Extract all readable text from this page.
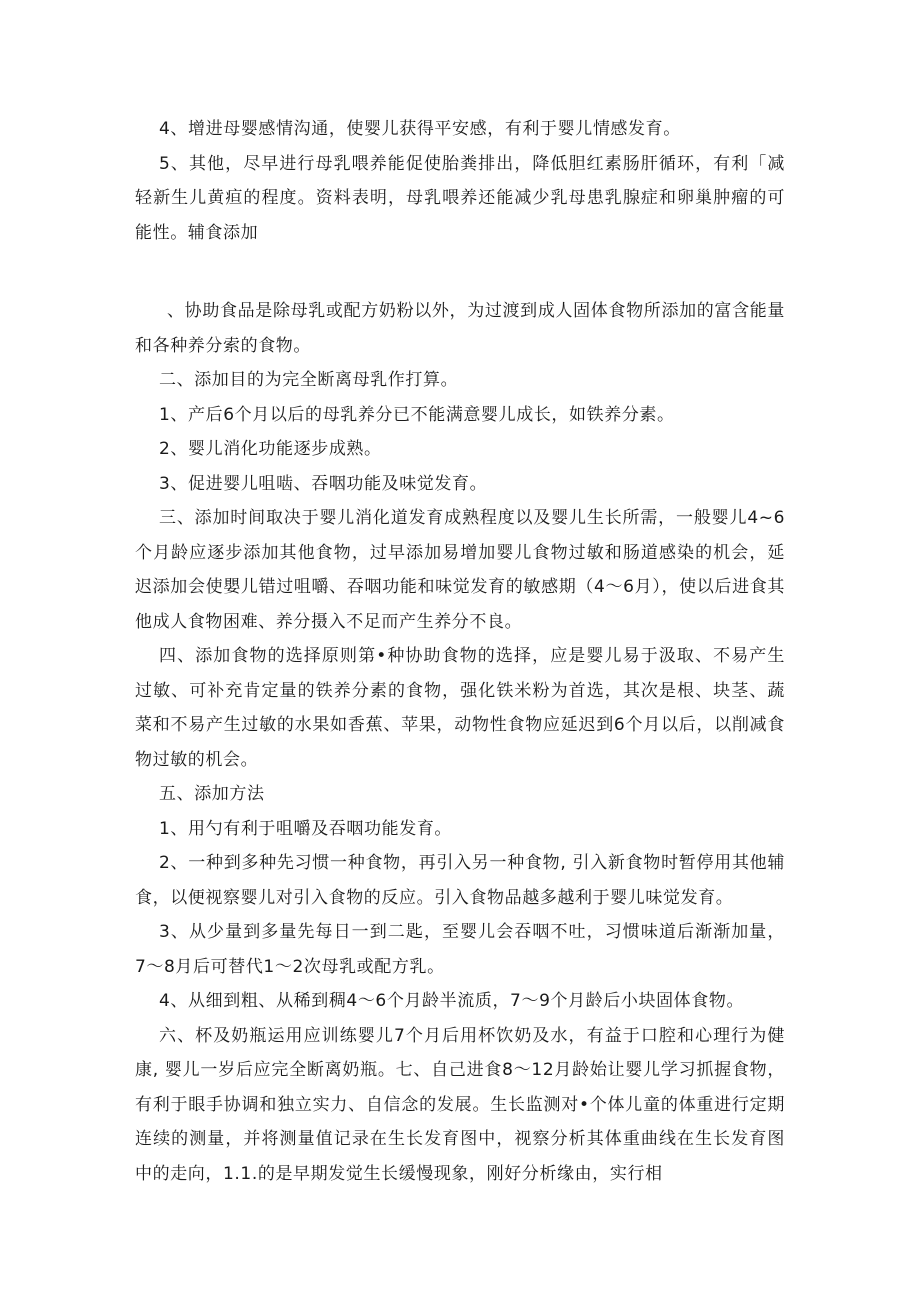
4、增进母婴感情沟通，使婴儿获得平安感，有利于婴儿情感发育。

5、其他，尽早进行母乳喂养能促使胎粪排出，降低胆红素肠肝循环，有利「减轻新生儿黄疸的程度。资料表明，母乳喂养还能减少乳母患乳腺症和卵巢肿瘤的可能性。辅食添加

、协助食品是除母乳或配方奶粉以外，为过渡到成人固体食物所添加的富含能量和各种养分索的食物。

二、添加目的为完全断离母乳作打算。

1、产后6个月以后的母乳养分已不能满意婴儿成长，如铁养分素。

2、婴儿消化功能逐步成熟。

3、促进婴儿咀啮、吞咽功能及味觉发育。

三、添加时间取决于婴儿消化道发育成熟程度以及婴儿生长所需，一般婴儿4~6个月龄应逐步添加其他食物，过早添加易增加婴儿食物过敏和肠道感染的机会，延迟添加会使嬰儿错过咀嚼、吞咽功能和味觉发育的敏感期（4〜6月），使以后进食其他成人食物困难、养分摄入不足而产生养分不良。

四、添加食物的选择原则第•种协助食物的选择，应是婴儿易于汲取、不易产生过敏、可补充肯定量的铁养分素的食物，强化铁米粉为首选，其次是根、块茎、蔬菜和不易产生过敏的水果如香蕉、苹果，动物性食物应延迟到6个月以后，以削减食物过敏的机会。

五、添加方法

1、用勺有利于咀嚼及吞咽功能发育。

2、一种到多种先习惯一种食物，再引入另一种食物, 引入新食物时暂停用其他辅食，以便视察婴儿对引入食物的反应。引入食物品越多越利于婴儿味觉发育。

3、从少量到多量先每日一到二匙，至婴儿会吞咽不吐，习惯味道后渐渐加量，7〜8月后可替代1〜2次母乳或配方乳。

4、从细到粗、从稀到稠4〜6个月龄半流质，7〜9个月龄后小块固体食物。

六、杯及奶瓶运用应训练婴儿7个月后用杯饮奶及水，有益于口腔和心理行为健康, 婴儿一岁后应完全断离奶瓶。七、自己进食8〜12月龄始让婴儿学习抓握食物，有利于眼手协调和独立实力、自信念的发展。生长监测对•个体儿童的体重进行定期连续的测量，并将测量值记录在生长发育图中，视察分析其体重曲线在生长发育图中的走向，1.1.的是早期发觉生长缓慢现象，刚好分析缘由，实行相
